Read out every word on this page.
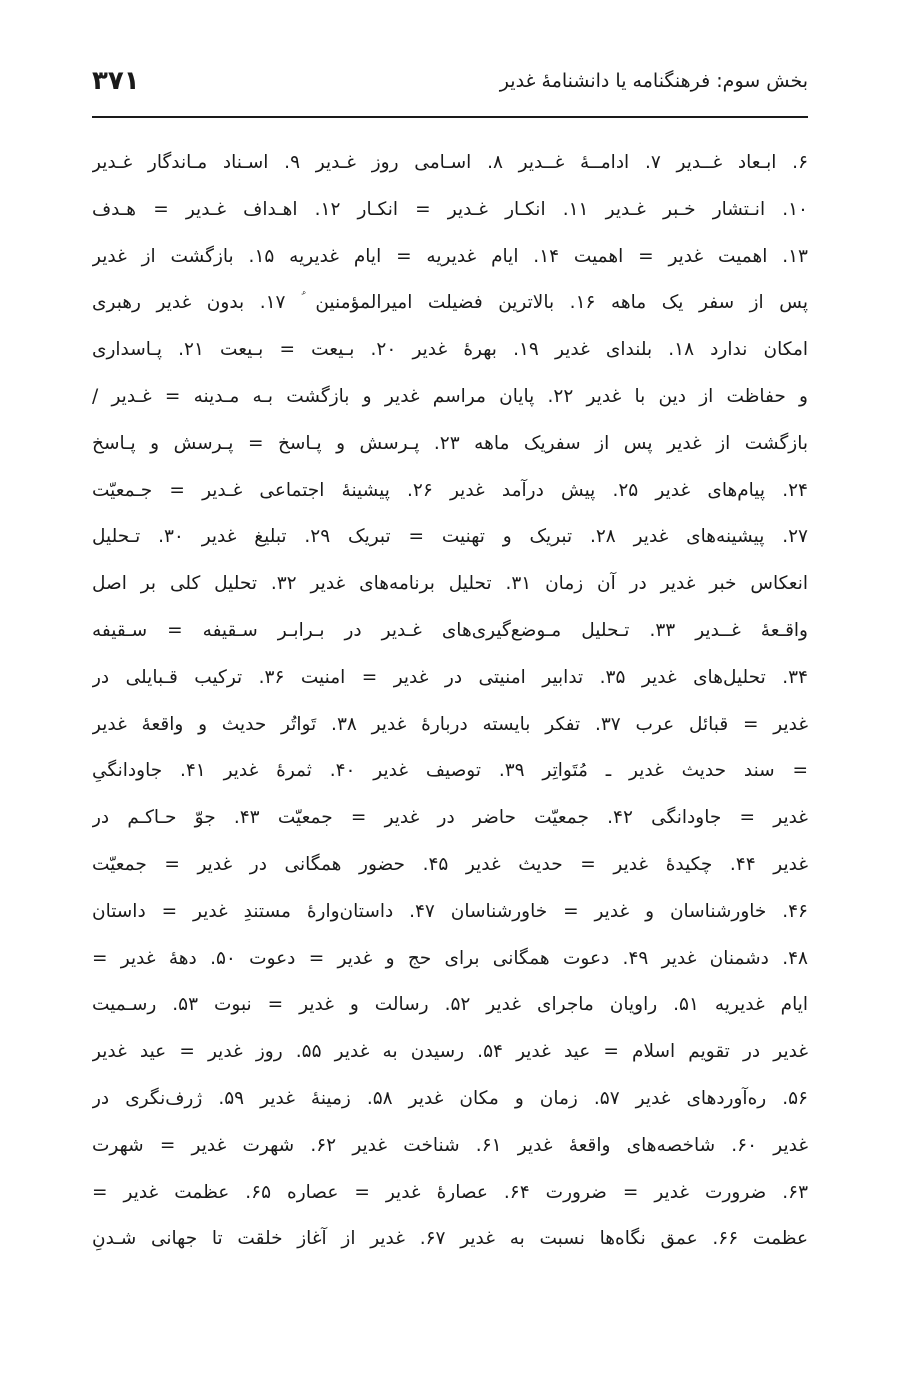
۳۷۱	بخش سوم: فرهنگنامه یا دانشنامۀ غدیر
۶. ابـعاد غــدیر ۷. ادامــۀ غــدیر ۸. اسـامی روز غـدیر ۹. اسـناد مـاندگار غـدیر
۱۰. انـتشار خـبر غـدیر ۱۱. انکـار غـدیر = انکـار ۱۲. اهـداف غـدیر = هـدف
۱۳. اهمیت غدیر = اهمیت ۱۴. ایام غدیریه = ایام غدیریه ۱۵. بازگشت از غدیر
پس از سفر یک ماهه ۱۶. بالاترین فضیلت امیرالمؤمنین ؑ ۱۷. بدون غدیر رهبری
امکان ندارد ۱۸. بلندای غدیر ۱۹. بهرۀ غدیر ۲۰. بـیعت = بـیعت ۲۱. پـاسداری
و حفاظت از دین با غدیر ۲۲. پایان مراسم غدیر و بازگشت بـه مـدینه = غـدیر /
بازگشت از غدیر پس از سفریک ماهه ۲۳. پـرسش و پـاسخ = پـرسش و پـاسخ
۲۴. پیام‌های غدیر ۲۵. پیش درآمد غدیر ۲۶. پیشینۀ اجتماعی غـدیر = جـمعیّت
۲۷. پیشینه‌های غدیر ۲۸. تبریک و تهنیت = تبریک ۲۹. تبلیغ غدیر ۳۰. تـحلیل
انعکاس خبر غدیر در آن زمان ۳۱. تحلیل برنامه‌های غدیر ۳۲. تحلیل کلی بر اصل
واقـعۀ غــدیر ۳۳. تـحلیل مـوضع‌گیری‌های غـدیر در بـرابـر سـقیفه = سـقیفه
۳۴. تحلیل‌های غدیر ۳۵. تدابیر امنیتی در غدیر = امنیت ۳۶. ترکیب قـبایلی در
غدیر = قبائل عرب ۳۷. تفکر بایسته دربارۀ غدیر ۳۸. تَواتُر حدیث و واقعۀ غدیر
= سند حدیث غدیر ـ مُتَواتِر ۳۹. توصیف غدیر ۴۰. ثمرۀ غدیر ۴۱. جاودانگیِ
غدیر = جاودانگی ۴۲. جمعیّت حاضر در غدیر = جمعیّت ۴۳. جوّ حـاکـم در
غدیر ۴۴. چکیدۀ غدیر = حدیث غدیر ۴۵. حضور همگانی در غدیر = جمعیّت
۴۶. خاورشناسان و غدیر = خاورشناسان ۴۷. داستان‌وارۀ مستندِ غدیر = داستان
۴۸. دشمنان غدیر ۴۹. دعوت همگانی برای حج و غدیر = دعوت ۵۰. دهۀ غدیر =
ایام غدیریه ۵۱. راویان ماجرای غدیر ۵۲. رسالت و غدیر = نبوت ۵۳. رسـمیت
غدیر در تقویم اسلام = عید غدیر ۵۴. رسیدن به غدیر ۵۵. روز غدیر = عید غدیر
۵۶. ره‌آوردهای غدیر ۵۷. زمان و مکان غدیر ۵۸. زمینۀ غدیر ۵۹. ژرف‌نگری در
غدیر ۶۰. شاخصه‌های واقعۀ غدیر ۶۱. شناخت غدیر ۶۲. شهرت غدیر = شهرت
۶۳. ضرورت غدیر = ضرورت ۶۴. عصارۀ غدیر = عصاره ۶۵. عظمت غدیر =
عظمت ۶۶. عمق نگاه‌ها نسبت به غدیر ۶۷. غدیر از آغاز خلقت تا جهانی شـدنِ
